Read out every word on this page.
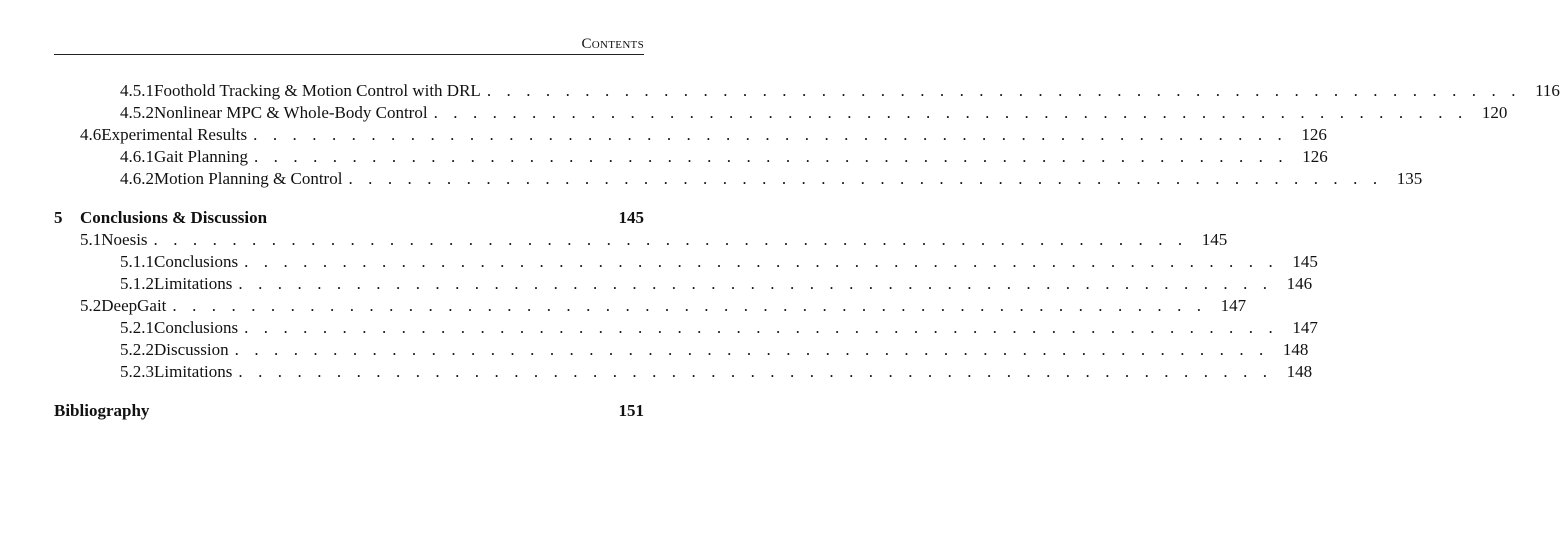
Contents
4.5.1 Foothold Tracking & Motion Control with DRL . . . . . . . . . . . . . . . . . . . . . . . . . . . . . . . . . . . . . . . . . . . . . . . . . . . . . 116
4.5.2 Nonlinear MPC & Whole-Body Control . . . . . . . . . . . . . . . . . . . . . . . . . . . . . . . . . . . . . . . . . . . . . . . . . . . . . 120
4.6 Experimental Results . . . . . . . . . . . . . . . . . . . . . . . . . . . . . . . . . . . . . . . . . . . . . . . . . . . . . 126
4.6.1 Gait Planning . . . . . . . . . . . . . . . . . . . . . . . . . . . . . . . . . . . . . . . . . . . . . . . . . . . . . 126
4.6.2 Motion Planning & Control . . . . . . . . . . . . . . . . . . . . . . . . . . . . . . . . . . . . . . . . . . . . . . . . . . . . . 135
5	Conclusions & Discussion	145
5.1 Noesis . . . . . . . . . . . . . . . . . . . . . . . . . . . . . . . . . . . . . . . . . . . . . . . . . . . . . 145
5.1.1 Conclusions . . . . . . . . . . . . . . . . . . . . . . . . . . . . . . . . . . . . . . . . . . . . . . . . . . . . . 145
5.1.2 Limitations . . . . . . . . . . . . . . . . . . . . . . . . . . . . . . . . . . . . . . . . . . . . . . . . . . . . . 146
5.2 DeepGait . . . . . . . . . . . . . . . . . . . . . . . . . . . . . . . . . . . . . . . . . . . . . . . . . . . . . 147
5.2.1 Conclusions . . . . . . . . . . . . . . . . . . . . . . . . . . . . . . . . . . . . . . . . . . . . . . . . . . . . . 147
5.2.2 Discussion . . . . . . . . . . . . . . . . . . . . . . . . . . . . . . . . . . . . . . . . . . . . . . . . . . . . . 148
5.2.3 Limitations . . . . . . . . . . . . . . . . . . . . . . . . . . . . . . . . . . . . . . . . . . . . . . . . . . . . . 148
Bibliography	151
